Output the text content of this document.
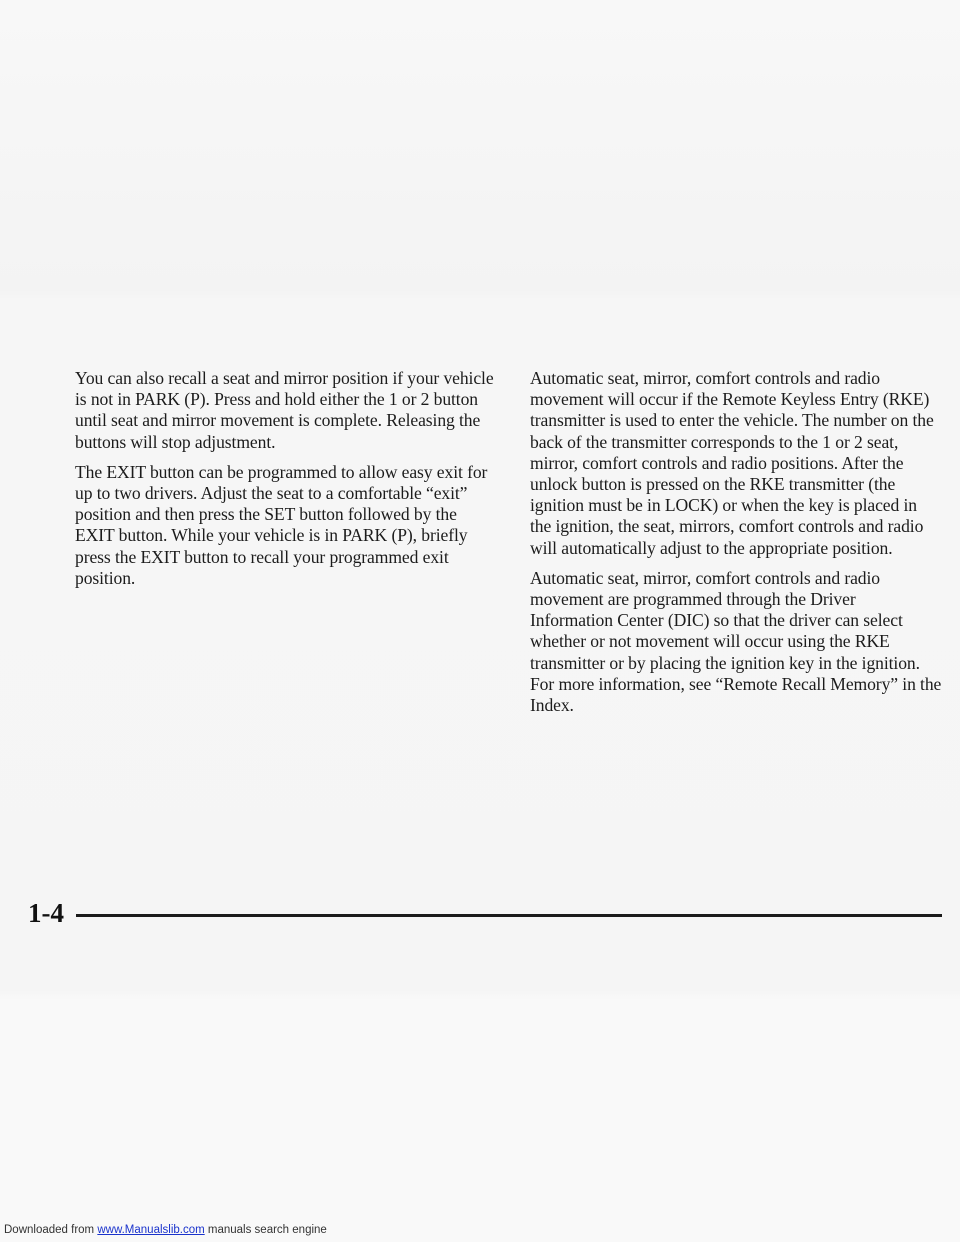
You can also recall a seat and mirror position if your vehicle is not in PARK (P). Press and hold either the 1 or 2 button until seat and mirror movement is complete. Releasing the buttons will stop adjustment.

The EXIT button can be programmed to allow easy exit for up to two drivers. Adjust the seat to a comfortable “exit” position and then press the SET button followed by the EXIT button. While your vehicle is in PARK (P), briefly press the EXIT button to recall your programmed exit position.

Automatic seat, mirror, comfort controls and radio movement will occur if the Remote Keyless Entry (RKE) transmitter is used to enter the vehicle. The number on the back of the transmitter corresponds to the 1 or 2 seat, mirror, comfort controls and radio positions. After the unlock button is pressed on the RKE transmitter (the ignition must be in LOCK) or when the key is placed in the ignition, the seat, mirrors, comfort controls and radio will automatically adjust to the appropriate position.

Automatic seat, mirror, comfort controls and radio movement are programmed through the Driver Information Center (DIC) so that the driver can select whether or not movement will occur using the RKE transmitter or by placing the ignition key in the ignition. For more information, see “Remote Recall Memory” in the Index.

1-4
Downloaded from www.Manualslib.com manuals search engine
